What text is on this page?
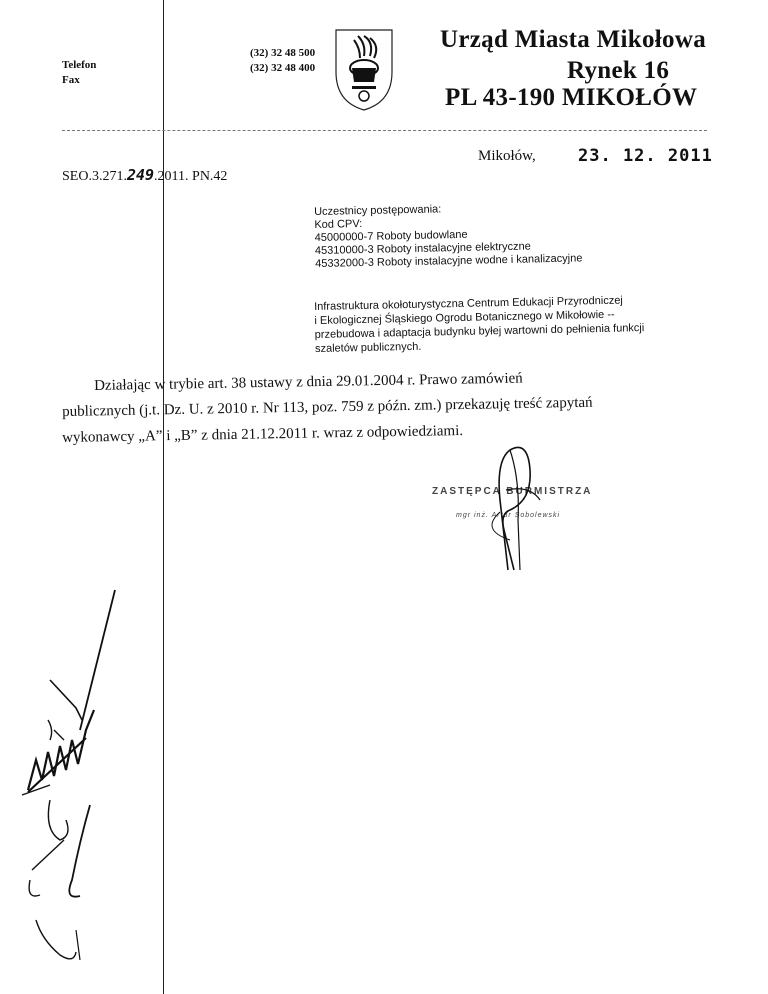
Telefon
Fax
(32) 32 48 500
(32) 32 48 400
Urząd Miasta Mikołowa
Rynek 16
PL 43-190 MIKOŁÓW
SEO.3.271.249.2011. PN.42
Mikołów, 23. 12. 2011
Uczestnicy postępowania:
Kod CPV:
45000000-7 Roboty budowlane
45310000-3 Roboty instalacyjne elektryczne
45332000-3 Roboty instalacyjne wodne i kanalizacyjne
Infrastruktura okołoturystyczna Centrum Edukacji Przyrodniczej
i Ekologicznej Śląskiego Ogrodu Botanicznego w Mikołowie --
przebudowa i adaptacja budynku byłej wartowni do pełnienia funkcji
szaletów publicznych.
Działając w trybie art. 38 ustawy z dnia 29.01.2004 r. Prawo zamówień
publicznych (j.t. Dz. U. z 2010 r. Nr 113, poz. 759 z późn. zm.) przekazuję treść zapytań
wykonawcy „A” i „B” z dnia 21.12.2011 r. wraz z odpowiedziami.
ZASTĘPCA BURMISTRZA
mgr inż. Artur Sobolewski
